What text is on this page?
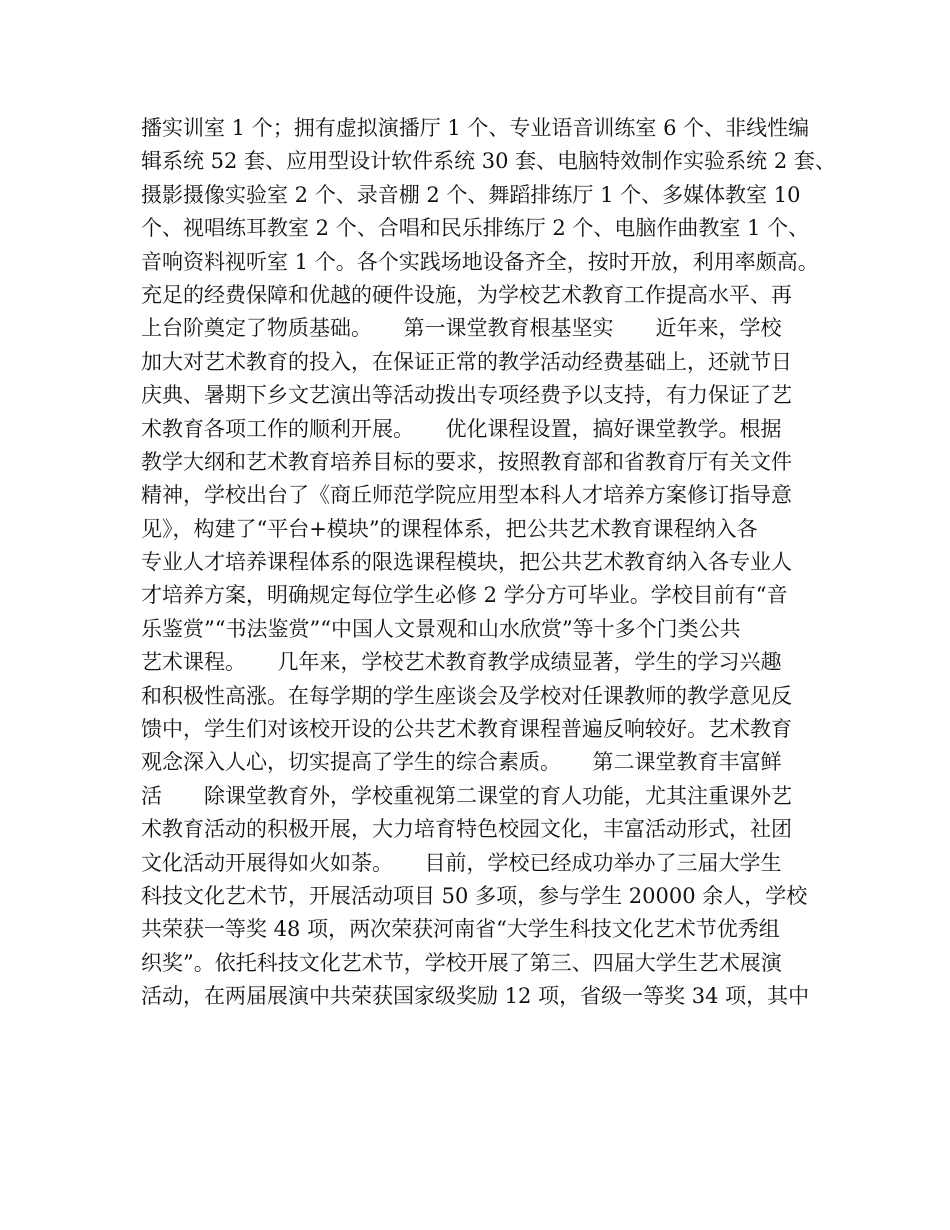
播实训室 1 个；拥有虚拟演播厅 1 个、专业语音训练室 6 个、非线性编
辑系统 52 套、应用型设计软件系统 30 套、电脑特效制作实验系统 2 套、
摄影摄像实验室 2 个、录音棚 2 个、舞蹈排练厅 1 个、多媒体教室 10
个、视唱练耳教室 2 个、合唱和民乐排练厅 2 个、电脑作曲教室 1 个、
音响资料视听室 1 个。各个实践场地设备齐全，按时开放，利用率颇高。
充足的经费保障和优越的硬件设施，为学校艺术教育工作提高水平、再
上台阶奠定了物质基础。　　第一课堂教育根基坚实　　近年来，学校
加大对艺术教育的投入，在保证正常的教学活动经费基础上，还就节日
庆典、暑期下乡文艺演出等活动拨出专项经费予以支持，有力保证了艺
术教育各项工作的顺利开展。　　优化课程设置，搞好课堂教学。根据
教学大纲和艺术教育培养目标的要求，按照教育部和省教育厅有关文件
精神，学校出台了《商丘师范学院应用型本科人才培养方案修订指导意
见》，构建了“平台+模块”的课程体系，把公共艺术教育课程纳入各
专业人才培养课程体系的限选课程模块，把公共艺术教育纳入各专业人
才培养方案，明确规定每位学生必修 2 学分方可毕业。学校目前有“音
乐鉴赏”“书法鉴赏”“中国人文景观和山水欣赏”等十多个门类公共
艺术课程。　　几年来，学校艺术教育教学成绩显著，学生的学习兴趣
和积极性高涨。在每学期的学生座谈会及学校对任课教师的教学意见反
馈中，学生们对该校开设的公共艺术教育课程普遍反响较好。艺术教育
观念深入人心，切实提高了学生的综合素质。　　第二课堂教育丰富鲜
活　　除课堂教育外，学校重视第二课堂的育人功能，尤其注重课外艺
术教育活动的积极开展，大力培育特色校园文化，丰富活动形式，社团
文化活动开展得如火如荼。　　目前，学校已经成功举办了三届大学生
科技文化艺术节，开展活动项目 50 多项，参与学生 20000 余人，学校
共荣获一等奖 48 项，两次荣获河南省“大学生科技文化艺术节优秀组
织奖”。依托科技文化艺术节，学校开展了第三、四届大学生艺术展演
活动，在两届展演中共荣获国家级奖励 12 项，省级一等奖 34 项，其中
